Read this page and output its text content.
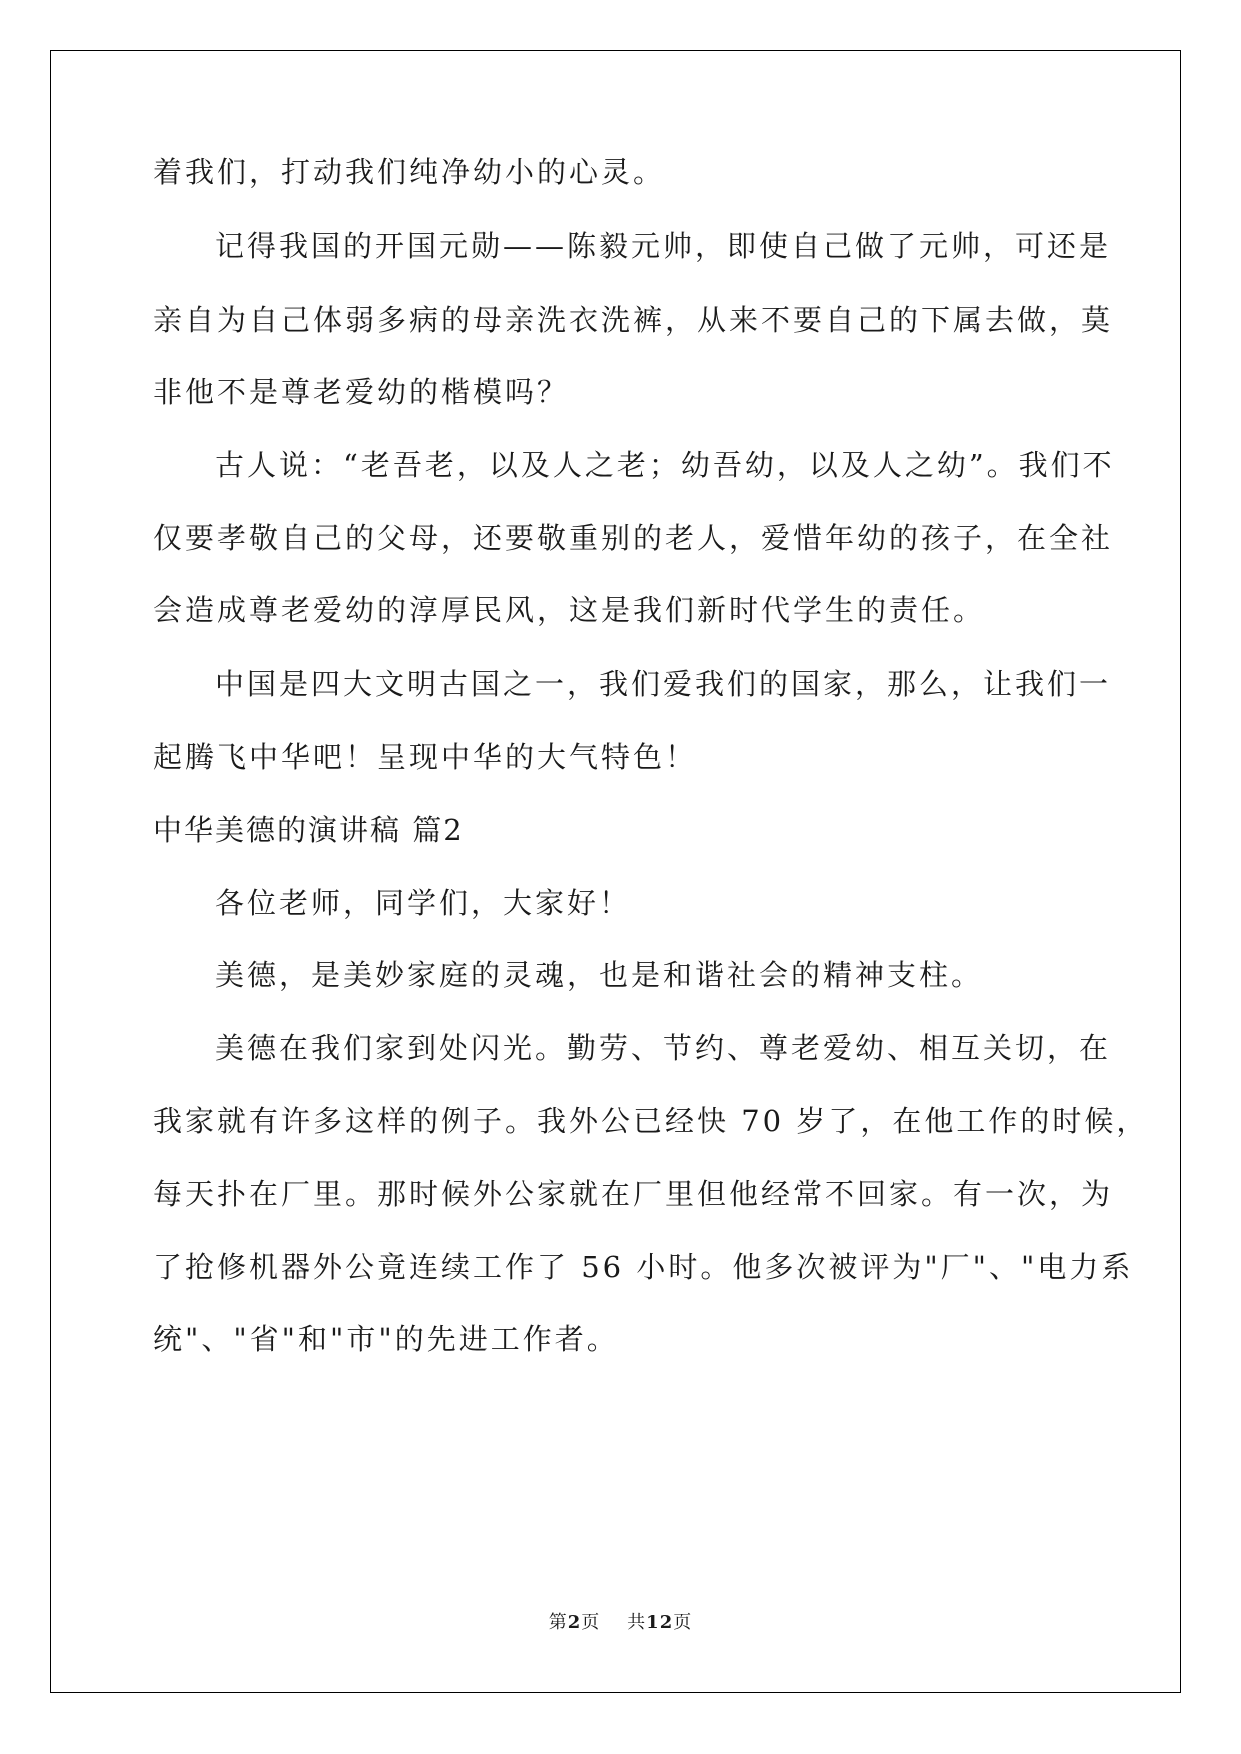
着我们，打动我们纯净幼小的心灵。
记得我国的开国元勋——陈毅元帅，即使自己做了元帅，可还是
亲自为自己体弱多病的母亲洗衣洗裤，从来不要自己的下属去做，莫
非他不是尊老爱幼的楷模吗？
古人说：“老吾老，以及人之老；幼吾幼，以及人之幼”。我们不
仅要孝敬自己的父母，还要敬重别的老人，爱惜年幼的孩子，在全社
会造成尊老爱幼的淳厚民风，这是我们新时代学生的责任。
中国是四大文明古国之一，我们爱我们的国家，那么，让我们一
起腾飞中华吧！呈现中华的大气特色！
中华美德的演讲稿 篇2
各位老师，同学们，大家好！
美德，是美妙家庭的灵魂，也是和谐社会的精神支柱。
美德在我们家到处闪光。勤劳、节约、尊老爱幼、相互关切，在
我家就有许多这样的例子。我外公已经快 70 岁了，在他工作的时候，
每天扑在厂里。那时候外公家就在厂里但他经常不回家。有一次，为
了抢修机器外公竟连续工作了 56 小时。他多次被评为"厂"、"电力系
统"、"省"和"市"的先进工作者。
第2页 共12页
